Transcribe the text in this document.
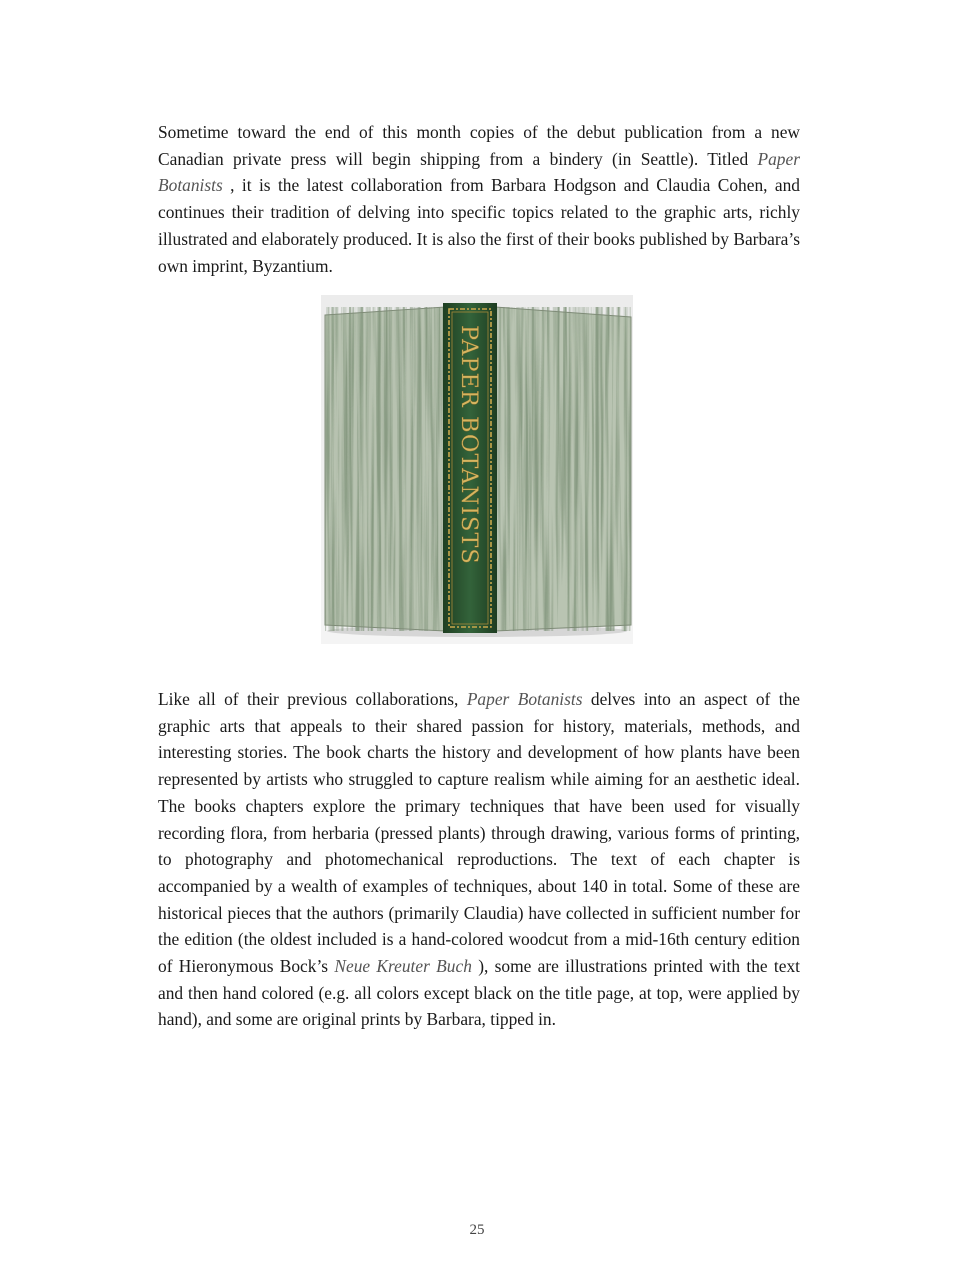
Sometime toward the end of this month copies of the debut publication from a new Canadian private press will begin shipping from a bindery (in Seattle). Titled Paper Botanists , it is the latest collaboration from Barbara Hodgson and Claudia Cohen, and continues their tradition of delving into specific topics related to the graphic arts, richly illustrated and elaborately produced. It is also the first of their books published by Barbara’s own imprint, Byzantium.

PAPER BOTANISTS

Like all of their previous collaborations, Paper Botanists delves into an aspect of the graphic arts that appeals to their shared passion for history, materials, methods, and interesting stories. The book charts the history and development of how plants have been represented by artists who struggled to capture realism while aiming for an aesthetic ideal. The books chapters explore the primary techniques that have been used for visually recording flora, from herbaria (pressed plants) through drawing, various forms of printing, to photography and photomechanical reproductions. The text of each chapter is accompanied by a wealth of examples of techniques, about 140 in total. Some of these are historical pieces that the authors (primarily Claudia) have collected in sufficient number for the edition (the oldest included is a hand-colored woodcut from a mid-16th century edition of Hieronymous Bock’s Neue Kreuter Buch ), some are illustrations printed with the text and then hand colored (e.g. all colors except black on the title page, at top, were applied by hand), and some are original prints by Barbara, tipped in.

25
